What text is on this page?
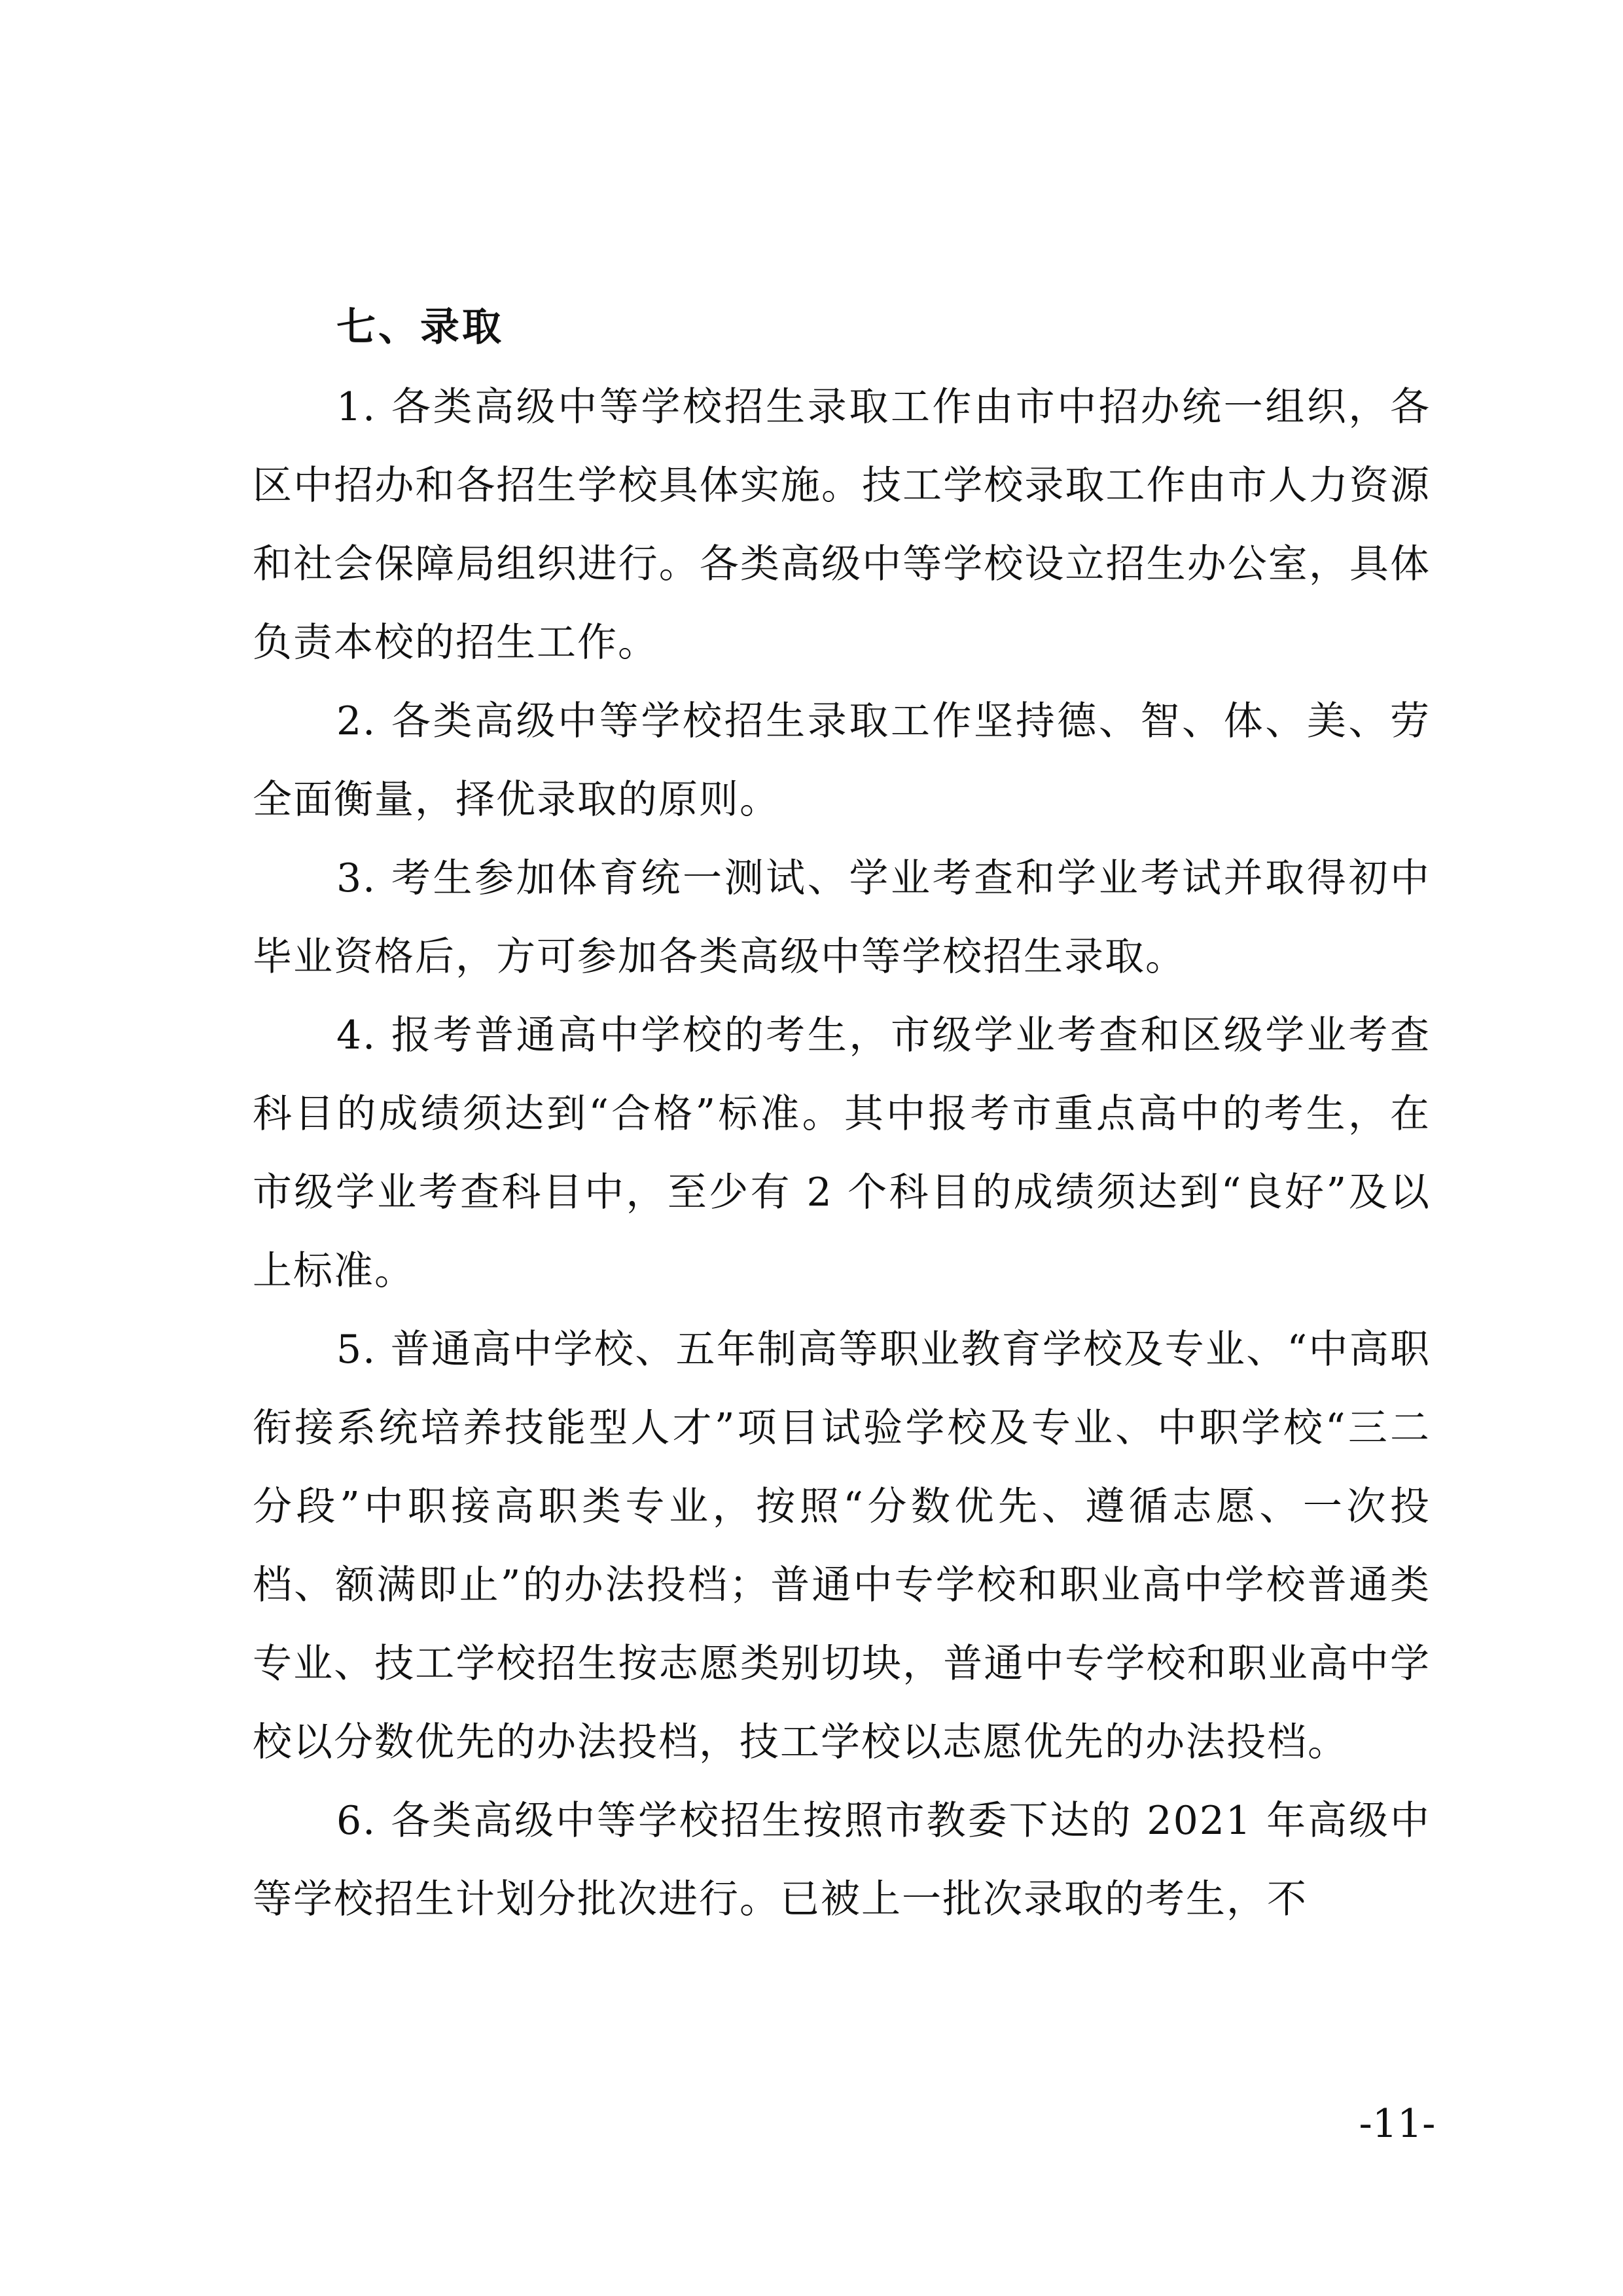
七、录取

1. 各类高级中等学校招生录取工作由市中招办统一组织，各区中招办和各招生学校具体实施。技工学校录取工作由市人力资源和社会保障局组织进行。各类高级中等学校设立招生办公室，具体负责本校的招生工作。

2. 各类高级中等学校招生录取工作坚持德、智、体、美、劳全面衡量，择优录取的原则。

3. 考生参加体育统一测试、学业考查和学业考试并取得初中毕业资格后，方可参加各类高级中等学校招生录取。

4. 报考普通高中学校的考生，市级学业考查和区级学业考查科目的成绩须达到“合格”标准。其中报考市重点高中的考生，在市级学业考查科目中，至少有 2 个科目的成绩须达到“良好”及以上标准。

5. 普通高中学校、五年制高等职业教育学校及专业、“中高职衔接系统培养技能型人才”项目试验学校及专业、中职学校“三二分段”中职接高职类专业，按照“分数优先、遵循志愿、一次投档、额满即止”的办法投档；普通中专学校和职业高中学校普通类专业、技工学校招生按志愿类别切块，普通中专学校和职业高中学校以分数优先的办法投档，技工学校以志愿优先的办法投档。

6. 各类高级中等学校招生按照市教委下达的 2021 年高级中等学校招生计划分批次进行。已被上一批次录取的考生，不

-11-
